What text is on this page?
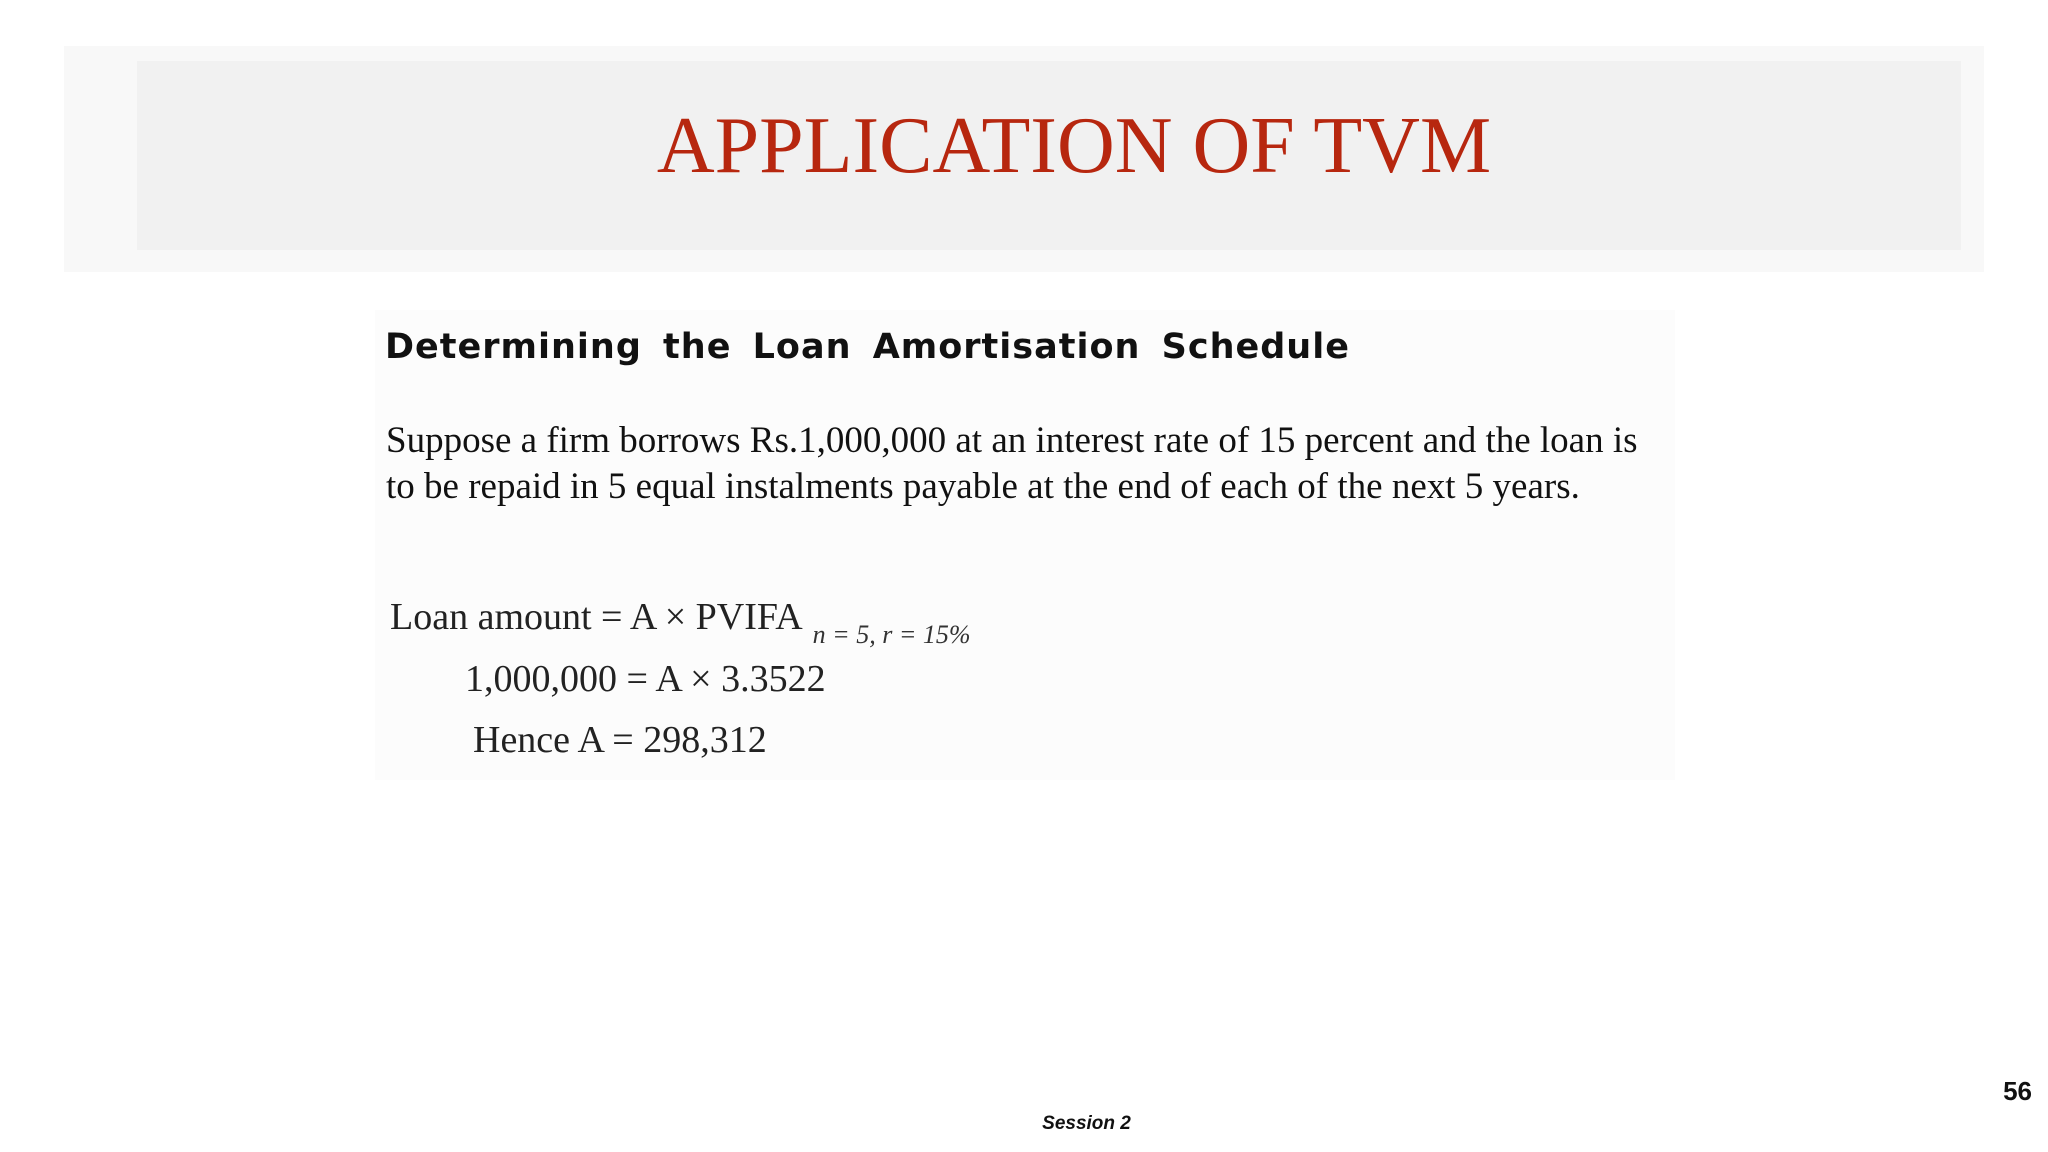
APPLICATION OF TVM
Determining the Loan Amortisation Schedule
Suppose a firm borrows Rs.1,000,000 at an interest rate of 15 percent and the loan is to be repaid in 5 equal instalments payable at the end of each of the next 5 years.
Loan amount = A × PVIFA $_{n = 5, r = 15\%}$
1,000,000 = A × 3.3522
Hence A = 298,312
56
Session 2
